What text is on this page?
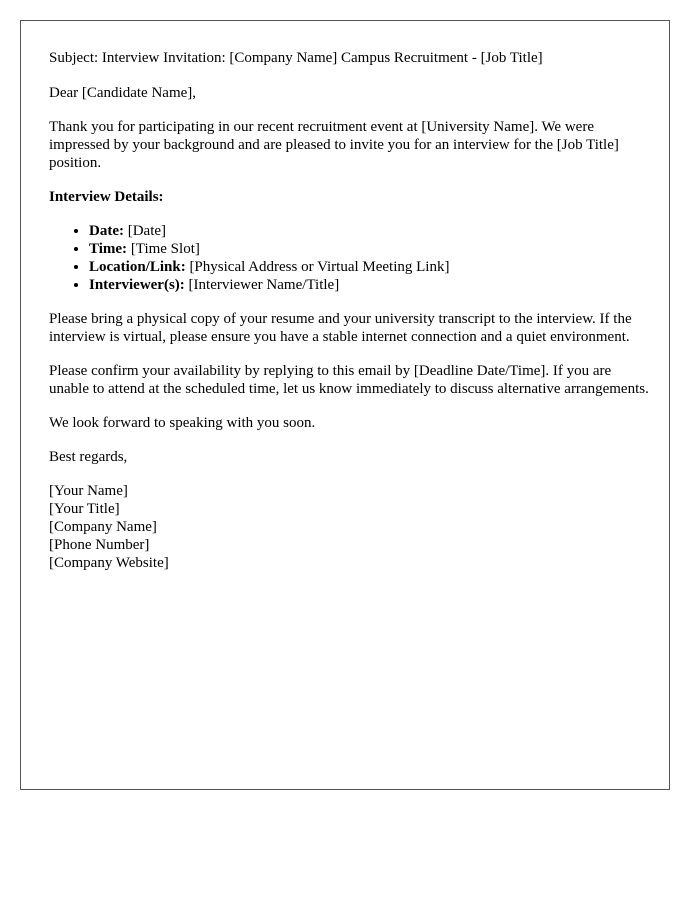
Subject: Interview Invitation: [Company Name] Campus Recruitment - [Job Title]

Dear [Candidate Name],

Thank you for participating in our recent recruitment event at [University Name]. We were impressed by your background and are pleased to invite you for an interview for the [Job Title] position.

Interview Details:

• Date: [Date]
• Time: [Time Slot]
• Location/Link: [Physical Address or Virtual Meeting Link]
• Interviewer(s): [Interviewer Name/Title]

Please bring a physical copy of your resume and your university transcript to the interview. If the interview is virtual, please ensure you have a stable internet connection and a quiet environment.

Please confirm your availability by replying to this email by [Deadline Date/Time]. If you are unable to attend at the scheduled time, let us know immediately to discuss alternative arrangements.

We look forward to speaking with you soon.

Best regards,

[Your Name]
[Your Title]
[Company Name]
[Phone Number]
[Company Website]
